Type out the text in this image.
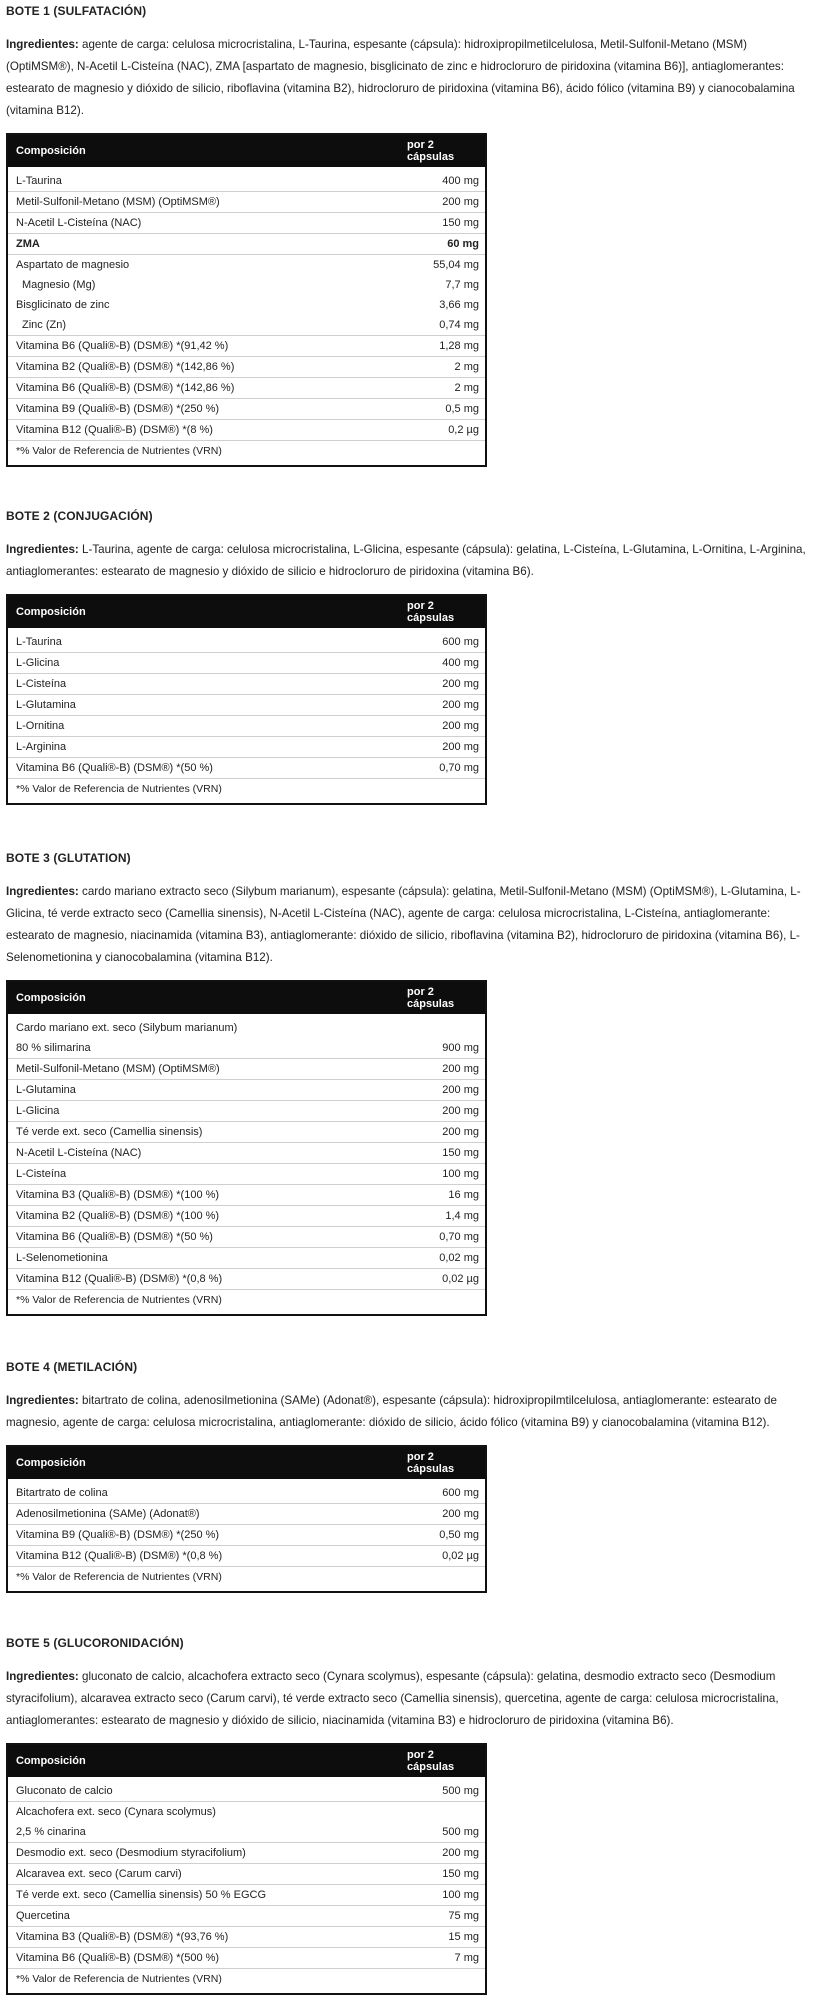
BOTE 1 (SULFATACIÓN)
Ingredientes: agente de carga: celulosa microcristalina, L-Taurina, espesante (cápsula): hidroxipropilmetilcelulosa, Metil-Sulfonil-Metano (MSM) (OptiMSM®), N-Acetil L-Cisteína (NAC), ZMA [aspartato de magnesio, bisglicinato de zinc e hidrocloruro de piridoxina (vitamina B6)], antiaglomerantes: estearato de magnesio y dióxido de silicio, riboflavina (vitamina B2), hidrocloruro de piridoxina (vitamina B6), ácido fólico (vitamina B9) y cianocobalamina (vitamina B12).
Composición	por 2 cápsulas
L-Taurina	400 mg
Metil-Sulfonil-Metano (MSM) (OptiMSM®)	200 mg
N-Acetil L-Cisteína (NAC)	150 mg
ZMA	60 mg
Aspartato de magnesio	55,04 mg
Magnesio (Mg)	7,7 mg
Bisglicinato de zinc	3,66 mg
Zinc (Zn)	0,74 mg
Vitamina B6 (Quali®-B) (DSM®) *(91,42 %)	1,28 mg
Vitamina B2 (Quali®-B) (DSM®) *(142,86 %)	2 mg
Vitamina B6 (Quali®-B) (DSM®) *(142,86 %)	2 mg
Vitamina B9 (Quali®-B) (DSM®) *(250 %)	0,5 mg
Vitamina B12 (Quali®-B) (DSM®) *(8 %)	0,2 µg
*% Valor de Referencia de Nutrientes (VRN)	
BOTE 2 (CONJUGACIÓN)
Ingredientes: L-Taurina, agente de carga: celulosa microcristalina, L-Glicina, espesante (cápsula): gelatina, L-Cisteína, L-Glutamina, L-Ornitina, L-Arginina, antiaglomerantes: estearato de magnesio y dióxido de silicio e hidrocloruro de piridoxina (vitamina B6).
Composición	por 2 cápsulas
L-Taurina	600 mg
L-Glicina	400 mg
L-Cisteína	200 mg
L-Glutamina	200 mg
L-Ornitina	200 mg
L-Arginina	200 mg
Vitamina B6 (Quali®-B) (DSM®) *(50 %)	0,70 mg
*% Valor de Referencia de Nutrientes (VRN)	
BOTE 3 (GLUTATION)
Ingredientes: cardo mariano extracto seco (Silybum marianum), espesante (cápsula): gelatina, Metil-Sulfonil-Metano (MSM) (OptiMSM®), L-Glutamina, L-Glicina, té verde extracto seco (Camellia sinensis), N-Acetil L-Cisteína (NAC), agente de carga: celulosa microcristalina, L-Cisteína, antiaglomerante: estearato de magnesio, niacinamida (vitamina B3), antiaglomerante: dióxido de silicio, riboflavina (vitamina B2), hidrocloruro de piridoxina (vitamina B6), L-Selenometionina y cianocobalamina (vitamina B12).
Composición	por 2 cápsulas
Cardo mariano ext. seco (Silybum marianum)	
80 % silimarina	900 mg
Metil-Sulfonil-Metano (MSM) (OptiMSM®)	200 mg
L-Glutamina	200 mg
L-Glicina	200 mg
Té verde ext. seco (Camellia sinensis)	200 mg
N-Acetil L-Cisteína (NAC)	150 mg
L-Cisteína	100 mg
Vitamina B3 (Quali®-B) (DSM®) *(100 %)	16 mg
Vitamina B2 (Quali®-B) (DSM®) *(100 %)	1,4 mg
Vitamina B6 (Quali®-B) (DSM®) *(50 %)	0,70 mg
L-Selenometionina	0,02 mg
Vitamina B12 (Quali®-B) (DSM®) *(0,8 %)	0,02 µg
*% Valor de Referencia de Nutrientes (VRN)	
BOTE 4 (METILACIÓN)
Ingredientes: bitartrato de colina, adenosilmetionina (SAMe) (Adonat®), espesante (cápsula): hidroxipropilmtilcelulosa, antiaglomerante: estearato de magnesio, agente de carga: celulosa microcristalina, antiaglomerante: dióxido de silicio, ácido fólico (vitamina B9) y cianocobalamina (vitamina B12).
Composición	por 2 cápsulas
Bitartrato de colina	600 mg
Adenosilmetionina (SAMe) (Adonat®)	200 mg
Vitamina B9 (Quali®-B) (DSM®) *(250 %)	0,50 mg
Vitamina B12 (Quali®-B) (DSM®) *(0,8 %)	0,02 µg
*% Valor de Referencia de Nutrientes (VRN)	
BOTE 5 (GLUCORONIDACIÓN)
Ingredientes: gluconato de calcio, alcachofera extracto seco (Cynara scolymus), espesante (cápsula): gelatina, desmodio extracto seco (Desmodium styracifolium), alcaravea extracto seco (Carum carvi), té verde extracto seco (Camellia sinensis), quercetina, agente de carga: celulosa microcristalina, antiaglomerantes: estearato de magnesio y dióxido de silicio, niacinamida (vitamina B3) e hidrocloruro de piridoxina (vitamina B6).
Composición	por 2 cápsulas
Gluconato de calcio	500 mg
Alcachofera ext. seco (Cynara scolymus)	
2,5 % cinarina	500 mg
Desmodio ext. seco (Desmodium styracifolium)	200 mg
Alcaravea ext. seco (Carum carvi)	150 mg
Té verde ext. seco (Camellia sinensis) 50 % EGCG	100 mg
Quercetina	75 mg
Vitamina B3 (Quali®-B) (DSM®) *(93,76 %)	15 mg
Vitamina B6 (Quali®-B) (DSM®) *(500 %)	7 mg
*% Valor de Referencia de Nutrientes (VRN)	
